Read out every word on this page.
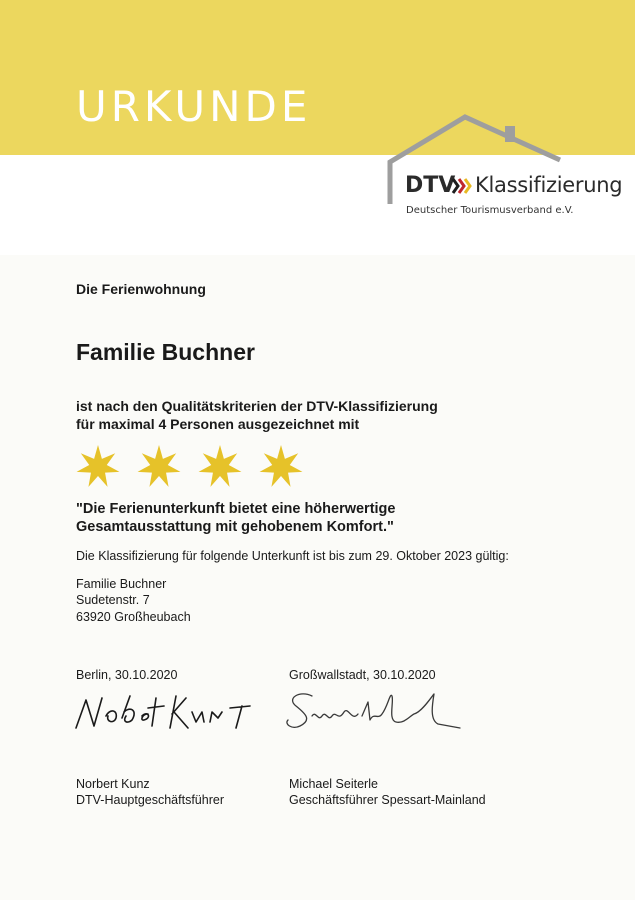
URKUNDE
DTV Klassifizierung
Deutscher Tourismusverband e.V.
Die Ferienwohnung
Familie Buchner
ist nach den Qualitätskriterien der DTV-Klassifizierung
für maximal 4 Personen ausgezeichnet mit
"Die Ferienunterkunft bietet eine höherwertige
Gesamtausstattung mit gehobenem Komfort."
Die Klassifizierung für folgende Unterkunft ist bis zum 29. Oktober 2023 gültig:
Familie Buchner
Sudetenstr. 7
63920 Großheubach
Berlin, 30.10.2020	Großwallstadt, 30.10.2020
Norbert Kunz
DTV-Hauptgeschäftsführer
Michael Seiterle
Geschäftsführer Spessart-Mainland
